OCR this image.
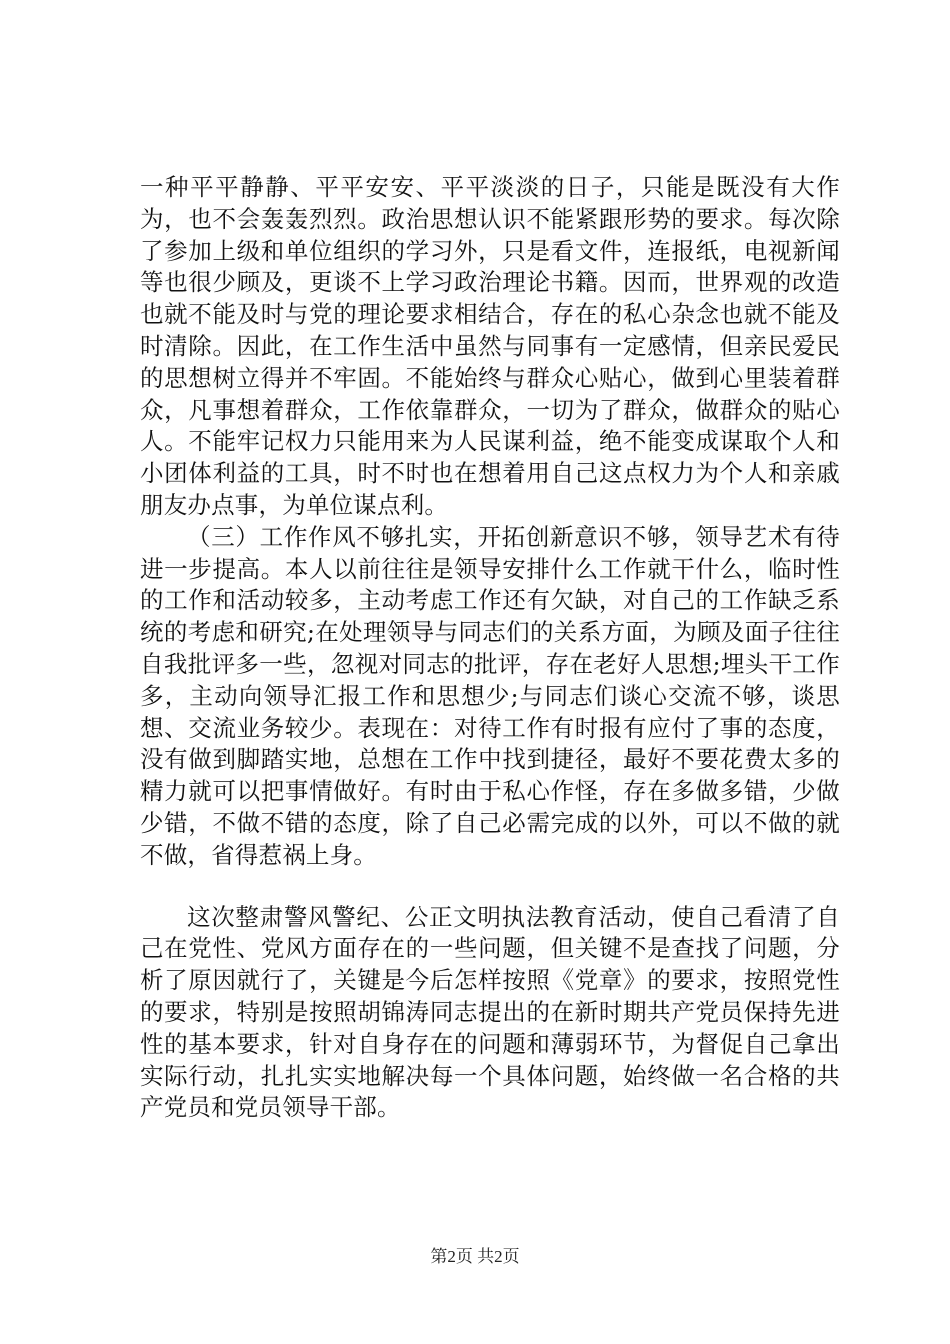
一种平平静静、平平安安、平平淡淡的日子，只能是既没有大作为，也不会轰轰烈烈。政治思想认识不能紧跟形势的要求。每次除了参加上级和单位组织的学习外，只是看文件，连报纸，电视新闻等也很少顾及，更谈不上学习政治理论书籍。因而，世界观的改造也就不能及时与党的理论要求相结合，存在的私心杂念也就不能及时清除。因此，在工作生活中虽然与同事有一定感情，但亲民爱民的思想树立得并不牢固。不能始终与群众心贴心，做到心里装着群众，凡事想着群众，工作依靠群众，一切为了群众，做群众的贴心人。不能牢记权力只能用来为人民谋利益，绝不能变成谋取个人和小团体利益的工具，时不时也在想着用自己这点权力为个人和亲戚朋友办点事，为单位谋点利。

（三）工作作风不够扎实，开拓创新意识不够，领导艺术有待进一步提高。本人以前往往是领导安排什么工作就干什么，临时性的工作和活动较多，主动考虑工作还有欠缺，对自己的工作缺乏系统的考虑和研究;在处理领导与同志们的关系方面，为顾及面子往往自我批评多一些，忽视对同志的批评，存在老好人思想;埋头干工作多，主动向领导汇报工作和思想少;与同志们谈心交流不够，谈思想、交流业务较少。表现在：对待工作有时报有应付了事的态度，没有做到脚踏实地，总想在工作中找到捷径，最好不要花费太多的精力就可以把事情做好。有时由于私心作怪，存在多做多错，少做少错，不做不错的态度，除了自己必需完成的以外，可以不做的就不做，省得惹祸上身。

这次整肃警风警纪、公正文明执法教育活动，使自己看清了自己在党性、党风方面存在的一些问题，但关键不是查找了问题，分析了原因就行了，关键是今后怎样按照《党章》的要求，按照党性的要求，特别是按照胡锦涛同志提出的在新时期共产党员保持先进性的基本要求，针对自身存在的问题和薄弱环节，为督促自己拿出实际行动，扎扎实实地解决每一个具体问题，始终做一名合格的共产党员和党员领导干部。

第2页 共2页
